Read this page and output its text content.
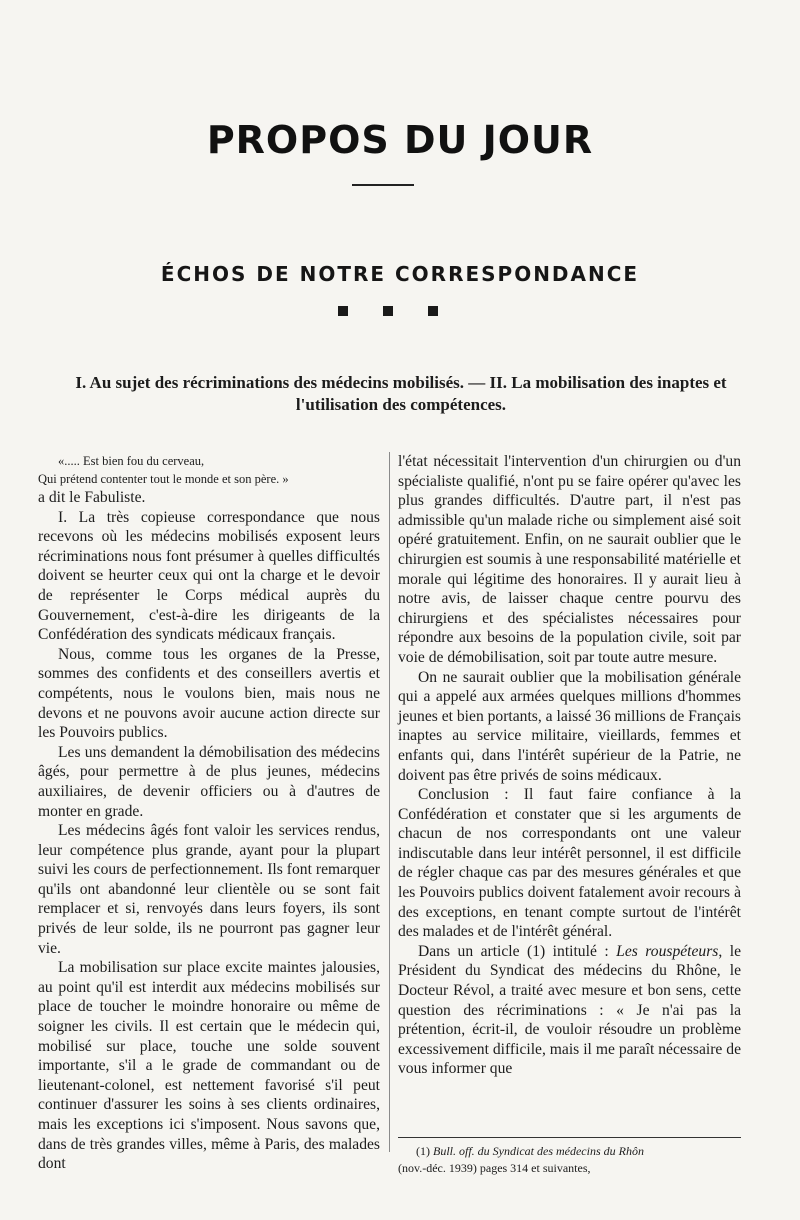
PROPOS DU JOUR
ÉCHOS DE NOTRE CORRESPONDANCE

I. Au sujet des récriminations des médecins mobilisés. — II. La mobilisation des inaptes et l'utilisation des compétences.

«..... Est bien fou du cerveau,
Qui prétend contenter tout le monde et son père. »

a dit le Fabuliste.

I. La très copieuse correspondance que nous recevons où les médecins mobilisés exposent leurs récriminations nous font présumer à quelles difficultés doivent se heurter ceux qui ont la charge et le devoir de représenter le Corps médical auprès du Gouvernement, c'est-à-dire les dirigeants de la Confédération des syndicats médicaux français.

Nous, comme tous les organes de la Presse, sommes des confidents et des conseillers avertis et compétents, nous le voulons bien, mais nous ne devons et ne pouvons avoir aucune action directe sur les Pouvoirs publics.

Les uns demandent la démobilisation des médecins âgés, pour permettre à de plus jeunes, médecins auxiliaires, de devenir officiers ou à d'autres de monter en grade.

Les médecins âgés font valoir les services rendus, leur compétence plus grande, ayant pour la plupart suivi les cours de perfectionnement. Ils font remarquer qu'ils ont abandonné leur clientèle ou se sont fait remplacer et si, renvoyés dans leurs foyers, ils sont privés de leur solde, ils ne pourront pas gagner leur vie.

La mobilisation sur place excite maintes jalousies, au point qu'il est interdit aux médecins mobilisés sur place de toucher le moindre honoraire ou même de soigner les civils. Il est certain que le médecin qui, mobilisé sur place, touche une solde souvent importante, s'il a le grade de commandant ou de lieutenant-colonel, est nettement favorisé s'il peut continuer d'assurer les soins à ses clients ordinaires, mais les exceptions ici s'imposent. Nous savons que, dans de très grandes villes, même à Paris, des malades dont

l'état nécessitait l'intervention d'un chirurgien ou d'un spécialiste qualifié, n'ont pu se faire opérer qu'avec les plus grandes difficultés. D'autre part, il n'est pas admissible qu'un malade riche ou simplement aisé soit opéré gratuitement. Enfin, on ne saurait oublier que le chirurgien est soumis à une responsabilité matérielle et morale qui légitime des honoraires. Il y aurait lieu à notre avis, de laisser chaque centre pourvu des chirurgiens et des spécialistes nécessaires pour répondre aux besoins de la population civile, soit par voie de démobilisation, soit par toute autre mesure.

On ne saurait oublier que la mobilisation générale qui a appelé aux armées quelques millions d'hommes jeunes et bien portants, a laissé 36 millions de Français inaptes au service militaire, vieillards, femmes et enfants qui, dans l'intérêt supérieur de la Patrie, ne doivent pas être privés de soins médicaux.

Conclusion : Il faut faire confiance à la Confédération et constater que si les arguments de chacun de nos correspondants ont une valeur indiscutable dans leur intérêt personnel, il est difficile de régler chaque cas par des mesures générales et que les Pouvoirs publics doivent fatalement avoir recours à des exceptions, en tenant compte surtout de l'intérêt des malades et de l'intérêt général.

Dans un article (1) intitulé : Les rouspéteurs, le Président du Syndicat des médecins du Rhône, le Docteur Révol, a traité avec mesure et bon sens, cette question des récriminations : « Je n'ai pas la prétention, écrit-il, de vouloir résoudre un problème excessivement difficile, mais il me paraît nécessaire de vous informer que

(1) Bull. off. du Syndicat des médecins du Rhôn
(nov.-déc. 1939) pages 314 et suivantes,
